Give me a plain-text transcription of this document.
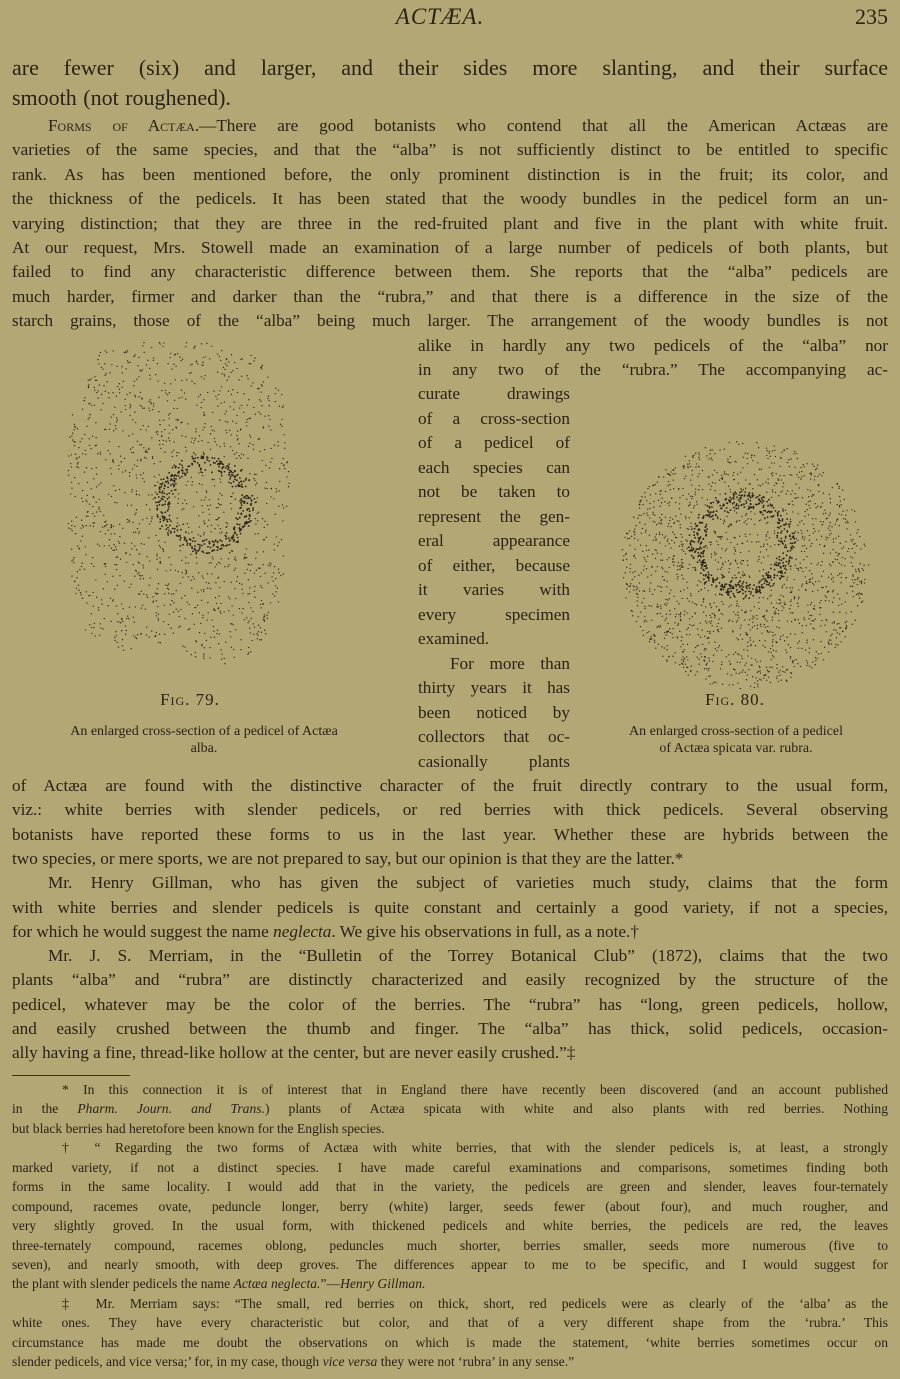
ACTÆA.	235
are fewer (six) and larger, and their sides more slanting, and their surface
smooth (not roughened).
Forms of Actæa.—There are good botanists who contend that all the American Actæas are
varieties of the same species, and that the “alba” is not sufficiently distinct to be entitled to specific
rank. As has been mentioned before, the only prominent distinction is in the fruit; its color, and
the thickness of the pedicels. It has been stated that the woody bundles in the pedicel form an un-
varying distinction; that they are three in the red-fruited plant and five in the plant with white fruit.
At our request, Mrs. Stowell made an examination of a large number of pedicels of both plants, but
failed to find any characteristic difference between them. She reports that the “alba” pedicels are
much harder, firmer and darker than the “rubra,” and that there is a difference in the size of the
starch grains, those of the “alba” being much larger. The arrangement of the woody bundles is not
alike in hardly any two pedicels of the “alba” nor
in any two of the “rubra.” The accompanying ac-
curate drawings
of a cross-section
of a pedicel of
each species can
not be taken to
represent the gen-
eral appearance
of either, because
it varies with
every specimen
examined.
For more than
thirty years it has
been noticed by
collectors that oc-
casionally plants
of Actæa are found with the distinctive character of the fruit directly contrary to the usual form,
viz.: white berries with slender pedicels, or red berries with thick pedicels. Several observing
botanists have reported these forms to us in the last year. Whether these are hybrids between the
two species, or mere sports, we are not prepared to say, but our opinion is that they are the latter.*
Mr. Henry Gillman, who has given the subject of varieties much study, claims that the form
with white berries and slender pedicels is quite constant and certainly a good variety, if not a species,
for which he would suggest the name neglecta. We give his observations in full, as a note.†
Mr. J. S. Merriam, in the “Bulletin of the Torrey Botanical Club” (1872), claims that the two
plants “alba” and “rubra” are distinctly characterized and easily recognized by the structure of the
pedicel, whatever may be the color of the berries. The “rubra” has “long, green pedicels, hollow,
and easily crushed between the thumb and finger. The “alba” has thick, solid pedicels, occasion-
ally having a fine, thread-like hollow at the center, but are never easily crushed.”‡
Fig. 79.
An enlarged cross-section of a pedicel of Actæa
alba.
Fig. 80.
An enlarged cross-section of a pedicel
of Actæa spicata var. rubra.
* In this connection it is of interest that in England there have recently been discovered (and an account published
in the Pharm. Journ. and Trans.) plants of Actæa spicata with white and also plants with red berries. Nothing
but black berries had heretofore been known for the English species.
† “ Regarding the two forms of Actæa with white berries, that with the slender pedicels is, at least, a strongly
marked variety, if not a distinct species. I have made careful examinations and comparisons, sometimes finding both
forms in the same locality. I would add that in the variety, the pedicels are green and slender, leaves four-ternately
compound, racemes ovate, peduncle longer, berry (white) larger, seeds fewer (about four), and much rougher, and
very slightly groved. In the usual form, with thickened pedicels and white berries, the pedicels are red, the leaves
three-ternately compound, racemes oblong, peduncles much shorter, berries smaller, seeds more numerous (five to
seven), and nearly smooth, with deep groves. The differences appear to me to be specific, and I would suggest for
the plant with slender pedicels the name Actæa neglecta.”—Henry Gillman.
‡ Mr. Merriam says: “The small, red berries on thick, short, red pedicels were as clearly of the ‘alba’ as the
white ones. They have every characteristic but color, and that of a very different shape from the ‘rubra.’ This
circumstance has made me doubt the observations on which is made the statement, ‘white berries sometimes occur on
slender pedicels, and vice versa;’ for, in my case, though vice versa they were not ‘rubra’ in any sense.”
